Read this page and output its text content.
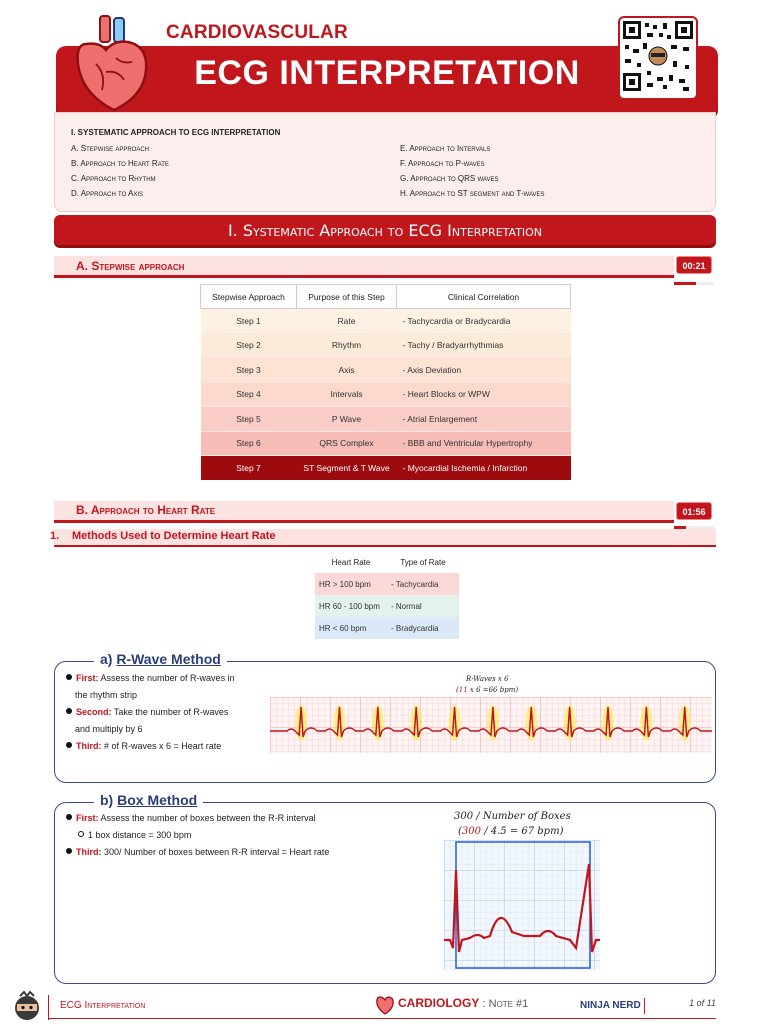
CARDIOVASCULAR
ECG INTERPRETATION
I. SYSTEMATIC APPROACH TO ECG INTERPRETATION
A. Stepwise approach
B. Approach to Heart Rate
C. Approach to Rhythm
D. Approach to Axis
E. Approach to Intervals
F. Approach to P-waves
G. Approach to QRS waves
H. Approach to ST segment and T-waves
I. Systematic Approach to ECG Interpretation
A. Stepwise approach	00:21
Stepwise Approach	Purpose of this Step	Clinical Correlation
Step 1	Rate	- Tachycardia or Bradycardia
Step 2	Rhythm	- Tachy / Bradyarrhythmias
Step 3	Axis	- Axis Deviation
Step 4	Intervals	- Heart Blocks or WPW
Step 5	P Wave	- Atrial Enlargement
Step 6	QRS Complex	- BBB and Ventricular Hypertrophy
Step 7	ST Segment & T Wave	- Myocardial Ischemia / Infarction
B. Approach to Heart Rate	01:56
1. Methods Used to Determine Heart Rate
Heart Rate	Type of Rate
HR > 100 bpm	- Tachycardia
HR 60 - 100 bpm	- Normal
HR < 60 bpm	- Bradycardia
a) R-Wave Method
First: Assess the number of R-waves in
the rhythm strip
Second: Take the number of R-waves
and multiply by 6
Third: # of R-waves x 6 = Heart rate
R-Waves x 6
(11 x 6 =66 bpm)
b) Box Method
First: Assess the number of boxes between the R-R interval
1 box distance = 300 bpm
Third: 300/ Number of boxes between R-R interval = Heart rate
300 / Number of Boxes
(300 / 4.5 = 67 bpm)
ECG Interpretation	CARDIOLOGY : Note #1	NINJA NERD	1 of 11
